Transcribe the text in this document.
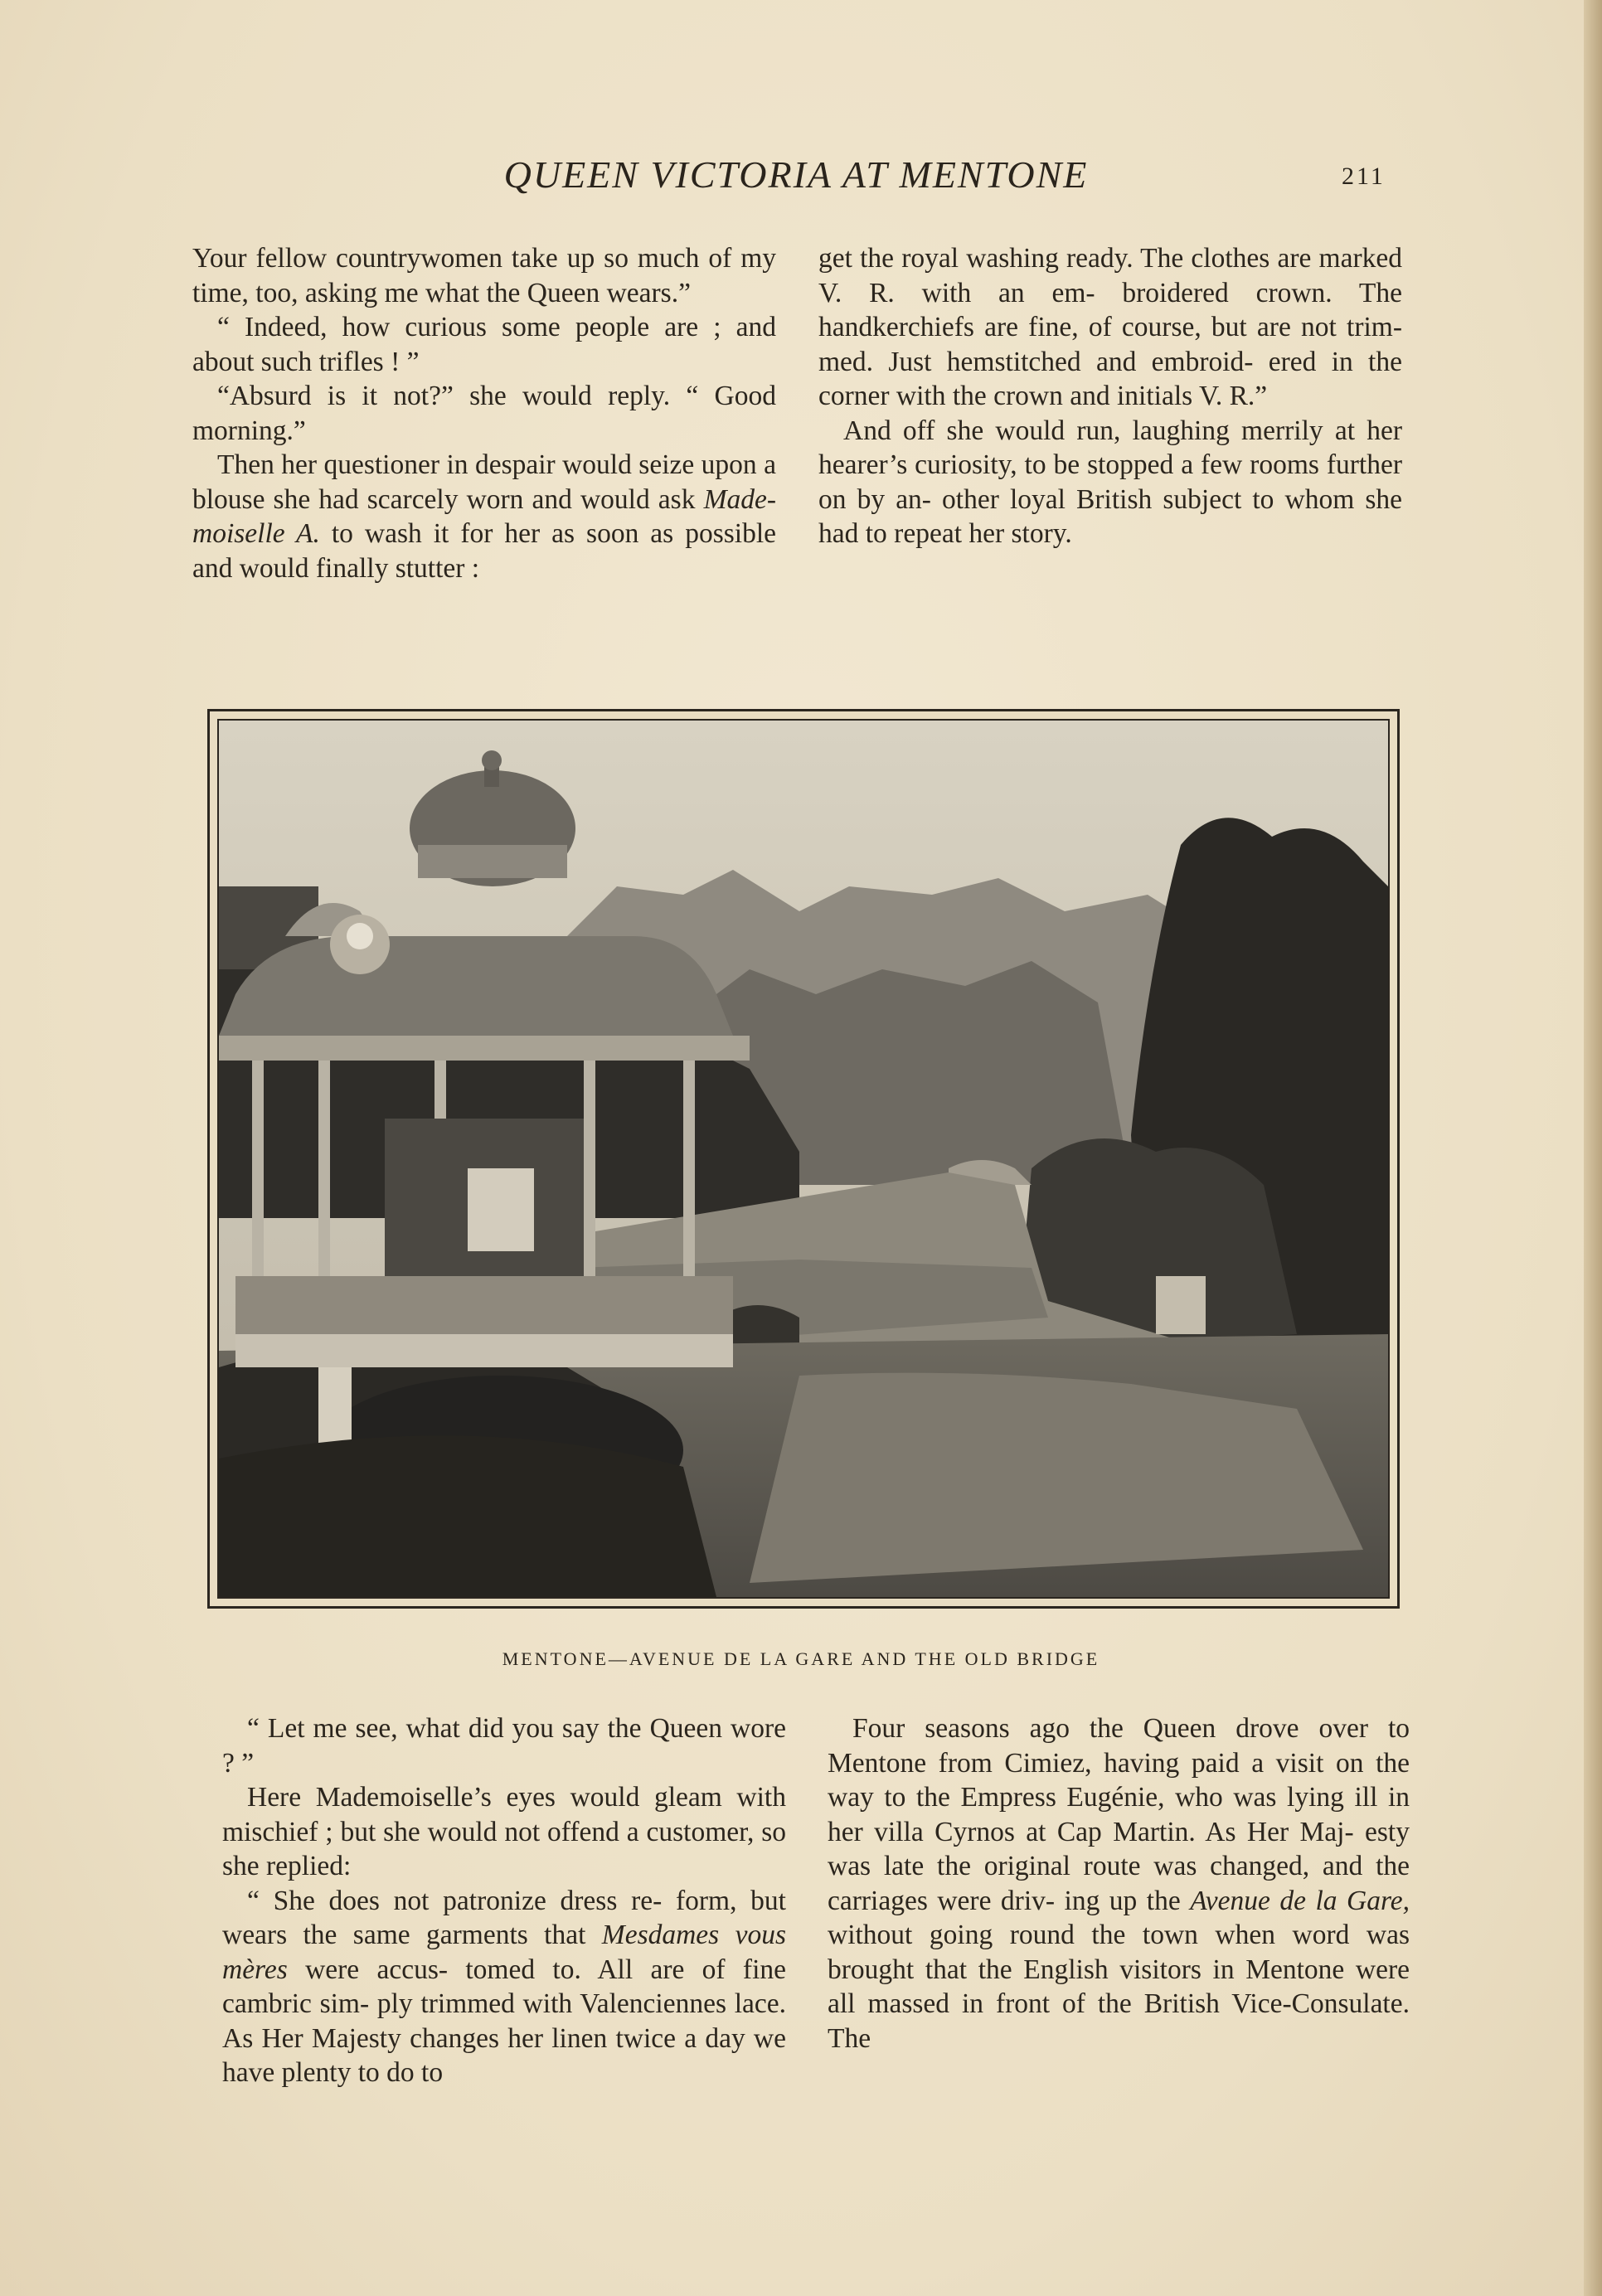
QUEEN VICTORIA AT MENTONE	211

Your fellow countrywomen take up so much of my time, too, asking me what the Queen wears.”

“ Indeed, how curious some people are ; and about such trifles ! ”

“Absurd is it not?” she would reply. “ Good morning.”

Then her questioner in despair would seize upon a blouse she had scarcely worn and would ask Made- moiselle A. to wash it for her as soon as possible and would finally stutter :

get the royal washing ready. The clothes are marked V. R. with an em- broidered crown. The handkerchiefs are fine, of course, but are not trim- med. Just hemstitched and embroid- ered in the corner with the crown and initials V. R.”

And off she would run, laughing merrily at her hearer’s curiosity, to be stopped a few rooms further on by an- other loyal British subject to whom she had to repeat her story.

MENTONE—AVENUE DE LA GARE AND THE OLD BRIDGE

“ Let me see, what did you say the Queen wore ? ”

Here Mademoiselle’s eyes would gleam with mischief ; but she would not offend a customer, so she replied:

“ She does not patronize dress re- form, but wears the same garments that Mesdames vous mères were accus- tomed to. All are of fine cambric sim- ply trimmed with Valenciennes lace. As Her Majesty changes her linen twice a day we have plenty to do to

Four seasons ago the Queen drove over to Mentone from Cimiez, having paid a visit on the way to the Empress Eugénie, who was lying ill in her villa Cyrnos at Cap Martin. As Her Maj- esty was late the original route was changed, and the carriages were driv- ing up the Avenue de la Gare, without going round the town when word was brought that the English visitors in Mentone were all massed in front of the British Vice-Consulate. The
